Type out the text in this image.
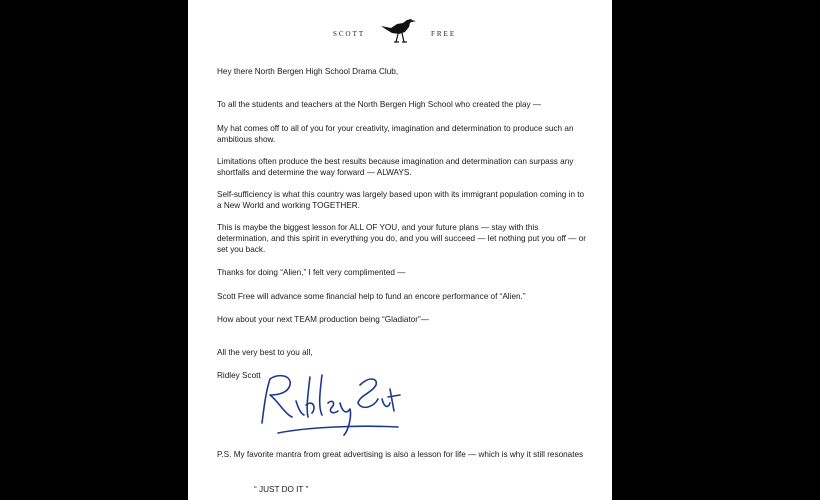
SCOTT	FREE

Hey there North Bergen High School Drama Club,

To all the students and teachers at the North Bergen High School who created the play —

My hat comes off to all of you for your creativity, imagination and determination to produce such an ambitious show.

Limitations often produce the best results because imagination and determination can surpass any shortfalls and determine the way forward — ALWAYS.

Self-sufficiency is what this country was largely based upon with its immigrant population coming in to a New World and working TOGETHER.

This is maybe the biggest lesson for ALL OF YOU, and your future plans — stay with this determination, and this spirit in everything you do, and you will succeed — let nothing put you off — or set you back.

Thanks for doing “Alien,” I felt very complimented —

Scott Free will advance some financial help to fund an encore performance of “Alien.”

How about your next TEAM production being “Gladiator”—

All the very best to you all,

Ridley Scott

P.S. My favorite mantra from great advertising is also a lesson for life — which is why it still resonates

“ JUST DO IT ”
